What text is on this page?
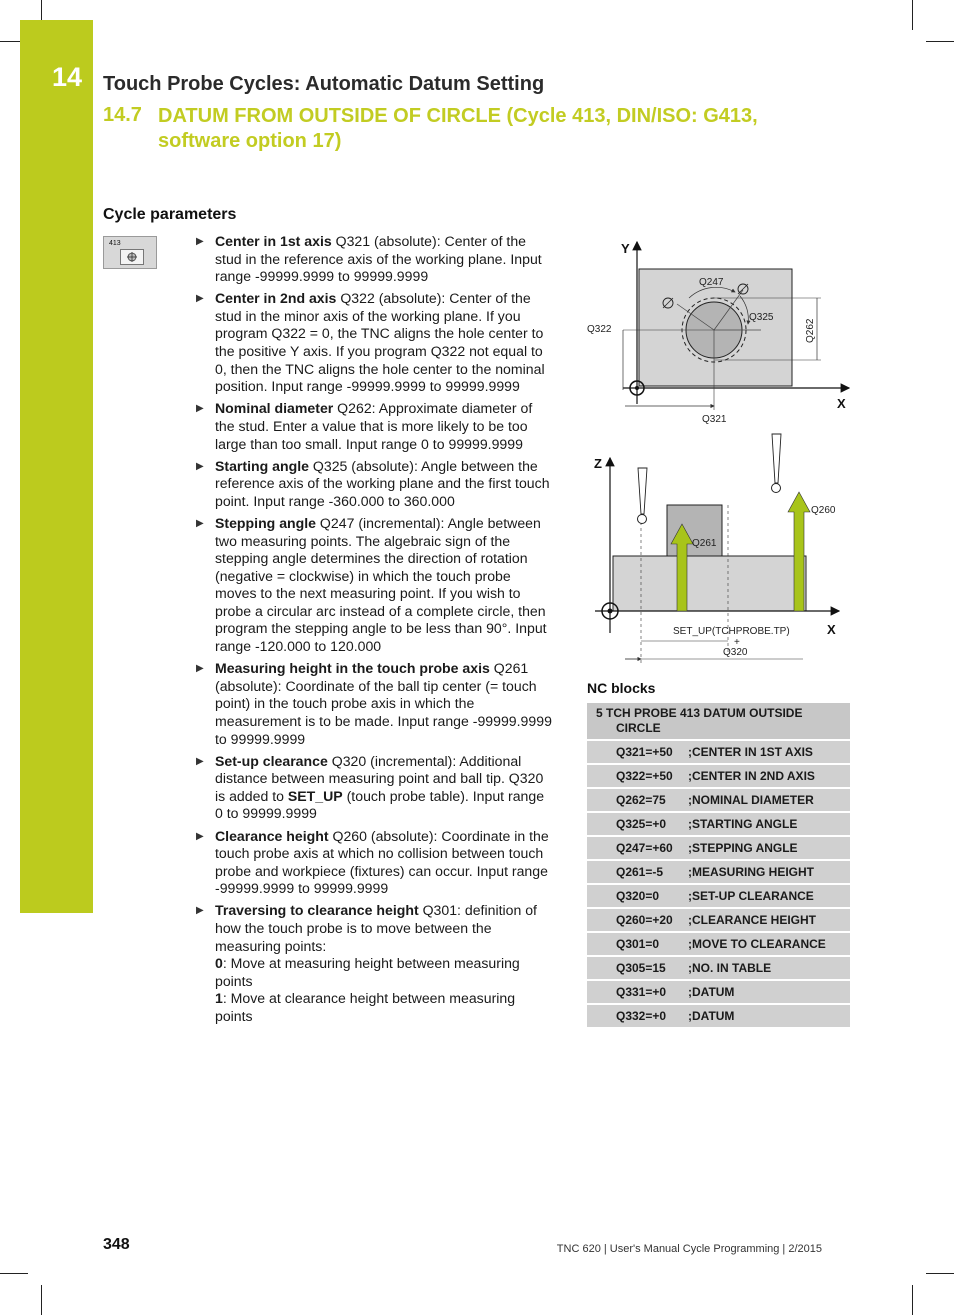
14 Touch Probe Cycles: Automatic Datum Setting
14.7 DATUM FROM OUTSIDE OF CIRCLE (Cycle 413, DIN/ISO: G413, software option 17)
Cycle parameters
413	▶ Center in 1st axis Q321 (absolute): Center of the stud in the reference axis of the working plane. Input range -99999.9999 to 99999.9999
▶ Center in 2nd axis Q322 (absolute): Center of the stud in the minor axis of the working plane. If you program Q322 = 0, the TNC aligns the hole center to the positive Y axis. If you program Q322 not equal to 0, then the TNC aligns the hole center to the nominal position. Input range -99999.9999 to 99999.9999
▶ Nominal diameter Q262: Approximate diameter of the stud. Enter a value that is more likely to be too large than too small. Input range 0 to 99999.9999
▶ Starting angle Q325 (absolute): Angle between the reference axis of the working plane and the first touch point. Input range -360.000 to 360.000
▶ Stepping angle Q247 (incremental): Angle between two measuring points. The algebraic sign of the stepping angle determines the direction of rotation (negative = clockwise) in which the touch probe moves to the next measuring point. If you wish to probe a circular arc instead of a complete circle, then program the stepping angle to be less than 90°. Input range -120.000 to 120.000
▶ Measuring height in the touch probe axis Q261 (absolute): Coordinate of the ball tip center (= touch point) in the touch probe axis in which the measurement is to be made. Input range -99999.9999 to 99999.9999
▶ Set-up clearance Q320 (incremental): Additional distance between measuring point and ball tip. Q320 is added to SET_UP (touch probe table). Input range 0 to 99999.9999
▶ Clearance height Q260 (absolute): Coordinate in the touch probe axis at which no collision between touch probe and workpiece (fixtures) can occur. Input range -99999.9999 to 99999.9999
▶ Traversing to clearance height Q301: definition of how the touch probe is to move between the measuring points:
0: Move at measuring height between measuring points
1: Move at clearance height between measuring points
Y
X
Q247
Q325
Q322	Q262
Q321
Z
X
Q260
Q261
SET_UP(TCHPROBE.TP)
+
Q320
NC blocks
5 TCH PROBE 413 DATUM OUTSIDE CIRCLE
Q321=+50	;CENTER IN 1ST AXIS
Q322=+50	;CENTER IN 2ND AXIS
Q262=75	;NOMINAL DIAMETER
Q325=+0	;STARTING ANGLE
Q247=+60	;STEPPING ANGLE
Q261=-5	;MEASURING HEIGHT
Q320=0	;SET-UP CLEARANCE
Q260=+20	;CLEARANCE HEIGHT
Q301=0	;MOVE TO CLEARANCE
Q305=15	;NO. IN TABLE
Q331=+0	;DATUM
Q332=+0	;DATUM
348	TNC 620 | User's Manual Cycle Programming | 2/2015
